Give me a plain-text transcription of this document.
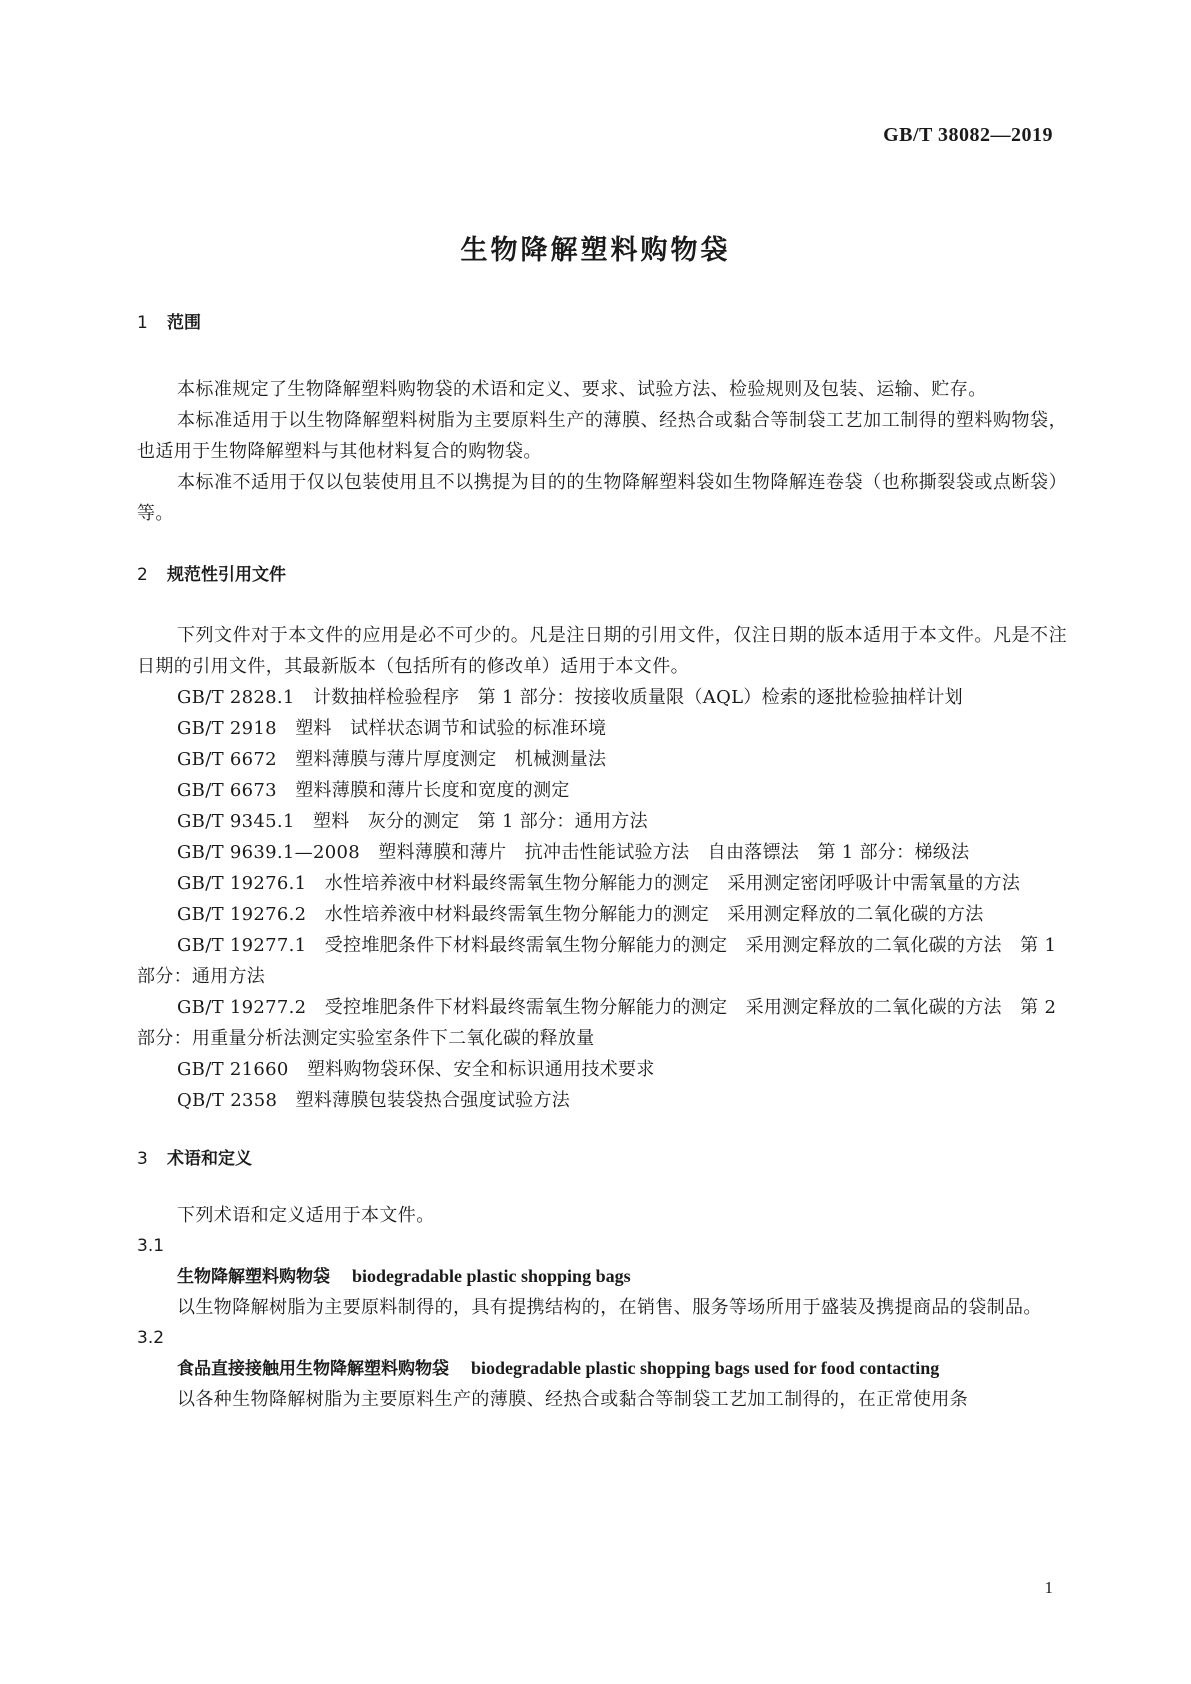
GB/T 38082—2019
生物降解塑料购物袋
1 范围

本标准规定了生物降解塑料购物袋的术语和定义、要求、试验方法、检验规则及包装、运输、贮存。

本标准适用于以生物降解塑料树脂为主要原料生产的薄膜、经热合或黏合等制袋工艺加工制得的塑料购物袋，也适用于生物降解塑料与其他材料复合的购物袋。

本标准不适用于仅以包装使用且不以携提为目的的生物降解塑料袋如生物降解连卷袋（也称撕裂袋或点断袋）等。

2 规范性引用文件

下列文件对于本文件的应用是必不可少的。凡是注日期的引用文件，仅注日期的版本适用于本文件。凡是不注日期的引用文件，其最新版本（包括所有的修改单）适用于本文件。

GB/T 2828.1　计数抽样检验程序　第 1 部分：按接收质量限（AQL）检索的逐批检验抽样计划

GB/T 2918　塑料　试样状态调节和试验的标准环境

GB/T 6672　塑料薄膜与薄片厚度测定　机械测量法

GB/T 6673　塑料薄膜和薄片长度和宽度的测定

GB/T 9345.1　塑料　灰分的测定　第 1 部分：通用方法

GB/T 9639.1—2008　塑料薄膜和薄片　抗冲击性能试验方法　自由落镖法　第 1 部分：梯级法

GB/T 19276.1　水性培养液中材料最终需氧生物分解能力的测定　采用测定密闭呼吸计中需氧量的方法

GB/T 19276.2　水性培养液中材料最终需氧生物分解能力的测定　采用测定释放的二氧化碳的方法

GB/T 19277.1　受控堆肥条件下材料最终需氧生物分解能力的测定　采用测定释放的二氧化碳的方法　第 1 部分：通用方法

GB/T 19277.2　受控堆肥条件下材料最终需氧生物分解能力的测定　采用测定释放的二氧化碳的方法　第 2 部分：用重量分析法测定实验室条件下二氧化碳的释放量

GB/T 21660　塑料购物袋环保、安全和标识通用技术要求

QB/T 2358　塑料薄膜包装袋热合强度试验方法

3 术语和定义

下列术语和定义适用于本文件。

3.1

生物降解塑料购物袋 biodegradable plastic shopping bags

以生物降解树脂为主要原料制得的，具有提携结构的，在销售、服务等场所用于盛装及携提商品的袋制品。

3.2

食品直接接触用生物降解塑料购物袋 biodegradable plastic shopping bags used for food contacting

以各种生物降解树脂为主要原料生产的薄膜、经热合或黏合等制袋工艺加工制得的，在正常使用条

1
